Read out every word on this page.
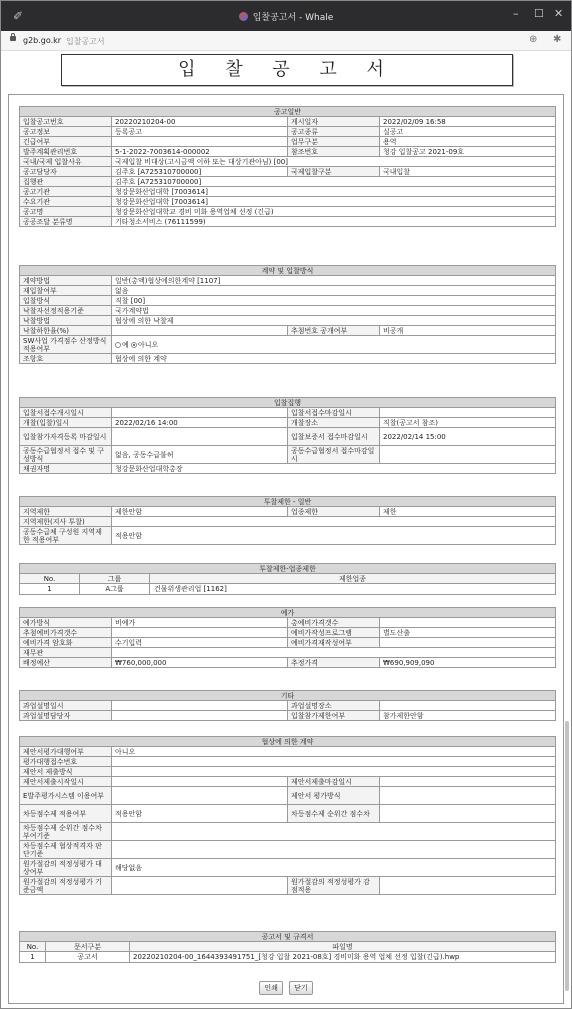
✐	입찰공고서 - Whale	– ☐ ✕
g2b.go.kr 입찰공고서	⊕ ✱
입 찰 공 고 서
공고일반			
입찰공고번호	20220210204-00	게시일자	2022/02/09 16:58
공고정보	등록공고	공고종류	실공고
긴급여부		업무구분	용역
발주계획관리번호	5-1-2022-7003614-000002	참조번호	청강 입찰공고 2021-09호
국내/국제 입찰사유	국제입찰 비대상(고시금액 이하 또는 대상기관아님) [00]		
공고담당자	김주호 [A725310700000]	국제입찰구분	국내입찰
집행관	김주호 [A725310700000]		
공고기관	청강문화산업대학 [7003614]		
수요기관	청강문화산업대학 [7003614]		
공고명	청강문화산업대학교 경비 미화 용역업체 선정 (긴급)		
공공조달 분류명	기타청소서비스 (76111599)		
계약 및 입찰방식			
계약방법	일반(총액)협상에의한계약 [1107]		
재입찰여부	없음		
입찰방식	직찰 [00]		
낙찰자선정적용기준	국가계약법		
낙찰방법	협상에 의한 낙찰제		
낙찰하한율(%)		추첨번호 공개여부	비공개
SW사업 가격점수 산정방식 적용여부	예 아니오		
조항호	협상에 의한 계약		
입찰집행			
입찰서접수개시일시		입찰서접수마감일시	
개찰(입찰)일시	2022/02/16 14:00	개찰장소	직찰(공고서 참조)
입찰참가자격등록 마감일시		입찰보증서 접수마감일시	2022/02/14 15:00
공동수급협정서 접수 및 구성방식	없음, 공동수급불허	공동수급협정서 접수마감일시	
채권자명	청강문화산업대학총장		
투찰제한 - 일반			
지역제한	제한안함	업종제한	제한
지역제한(지사 투찰)			
공동수급체 구성원 지역제한 적용여부	적용안함		
투찰제한-업종제한		
No.	그룹	제한업종
1	A그룹	건물위생관리업 [1162]
예가			
예가방식	비예가	총예비가격갯수	
추첨예비가격갯수		예비가작성프로그램	별도산출
예비가격 암호화	수기입력	예비가격재작성여부	
재무관			
배정예산	₩760,000,000	추정가격	₩690,909,090
기타			
과업설명일시		과업설명장소	
과업설명담당자		입찰참가제한여부	참가제한안함
협상에 의한 계약			
제안서평가대행여부	아니오		
평가대행접수번호			
제안서 제출방식			
제안서제출시작일시		제안서제출마감일시	
E발주평가시스템 이용여부		제안서 평가방식	
차등점수제 적용여부	적용안함	차등점수제 순위간 점수차	
차등점수제 순위간 점수차 부여기준			
차등점수제 협상적격자 판단기준			
원가절감의 적정성평가 대상여부	해당없음		
원가절감의 적정성평가 기준금액		원가절감의 적정성평가 감점적용	
공고서 및 규격서		
No.	문서구분	파일명
1	공고서	20220210204-00_1644393491751_[청강 입찰 2021-08호] 경비미화 용역 업체 선정 입찰(긴급).hwp
인쇄 닫기
